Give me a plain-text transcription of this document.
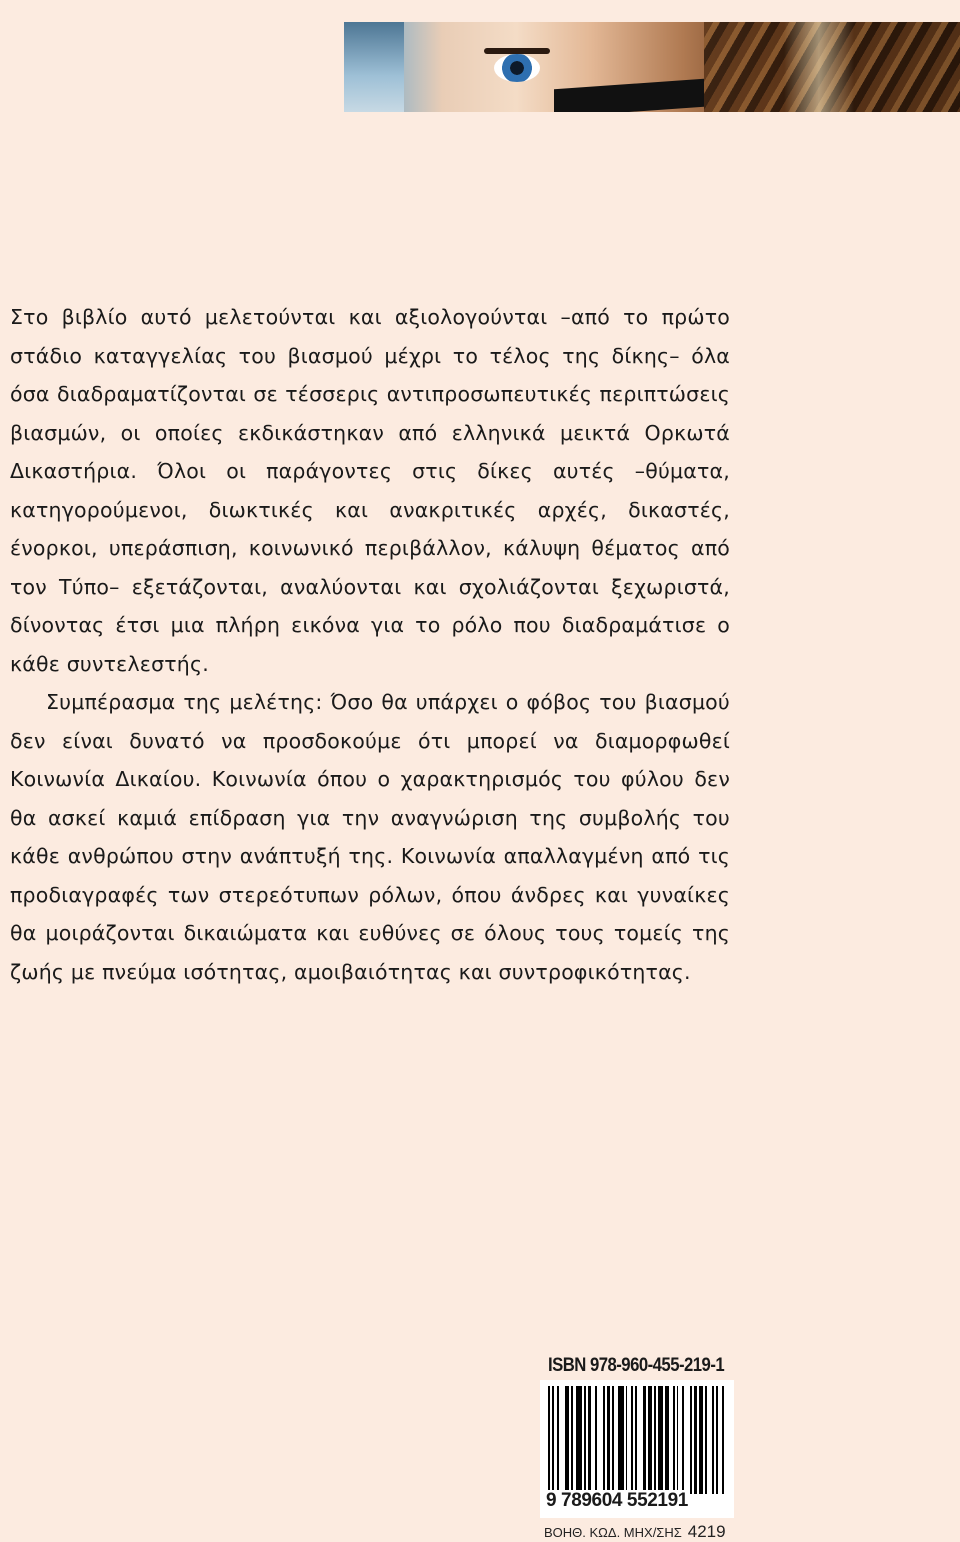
Στο βιβλίο αυτό μελετούνται και αξιολογούνται –από το πρώτο στάδιο καταγγελίας του βιασμού μέχρι το τέλος της δίκης– όλα όσα διαδραματίζονται σε τέσσερις αντιπροσωπευτικές περιπτώσεις βιασμών, οι οποίες εκδικάστηκαν από ελληνικά μεικτά Ορκωτά Δικαστήρια. Όλοι οι παράγοντες στις δίκες αυτές –θύματα, κατηγορούμενοι, διωκτικές και ανακριτικές αρχές, δικαστές, ένορκοι, υπεράσπιση, κοινωνικό περιβάλλον, κάλυψη θέματος από τον Τύπο– εξετάζονται, αναλύονται και σχολιάζονται ξεχωριστά, δίνοντας έτσι μια πλήρη εικόνα για το ρόλο που διαδραμάτισε ο κάθε συντελεστής.

Συμπέρασμα της μελέτης: Όσο θα υπάρχει ο φόβος του βιασμού δεν είναι δυνατό να προσδοκούμε ότι μπορεί να διαμορφωθεί Κοινωνία Δικαίου. Κοινωνία όπου ο χαρακτηρισμός του φύλου δεν θα ασκεί καμιά επίδραση για την αναγνώριση της συμβολής του κάθε ανθρώπου στην ανάπτυξή της. Κοινωνία απαλλαγμένη από τις προδιαγραφές των στερεότυπων ρόλων, όπου άνδρες και γυναίκες θα μοιράζονται δικαιώματα και ευθύνες σε όλους τους τομείς της ζωής με πνεύμα ισότητας, αμοιβαιότητας και συντροφικότητας.

ISBN 978-960-455-219-1
9 789604 552191
ΒΟΗΘ. ΚΩΔ. ΜΗΧ/ΣΗΣ 4219
